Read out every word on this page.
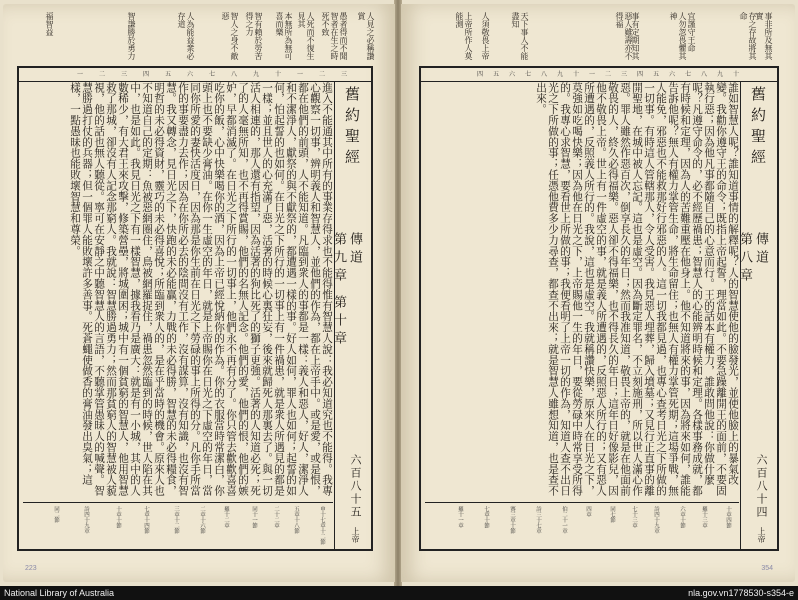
人見之必稱讚賞
愚者得而不聞
智者在生之時死不致
人死而不復生見其
本無所為無可喜而樂
智有賴於勞苦得之力
智人之身不敵惡
人為能益衆必存道
智謙勝於勇力
福智益
三
二
一
十
九
八
七
六
五
四
三
二
一

進入不能通其中所有的事業存得求也不能得惟有智慧人說：我必知道究也不能得。我專心觀察一切事，辨明義人和智慧人，並他們的作為，都在上帝手中。或是愛，或是恨，都在他們的前頭，人不能知道。凡臨到衆人的事都是一樣：義人和惡人，好人，潔淨人和不潔淨人，獻祭的與不獻祭的，都遭遇一樣的事。好人如何，罪人也如何；起誓的如何，怕起誓的也如何。在日光之下所行的一切事上有一件禍患，就是衆人所遇見的都是一樣；並且世人的心充滿了惡，活著的時候心裏狂妄，後來就歸死人那裏去了。與一切活人相連的，那人還有指望，因為活著的狗比死了的獅子更強。活著的人知道必死；死了的人毫無所知，也不再得賞賜，他們的名無人記念。他們的愛，他們的恨，他們的嫉妒，早都消滅了。在日光之下所行的一切事上，他們永不再有分了。你只管去歡歡喜喜吃你的飯，心中快樂喝你的酒，因為上帝已經悅納你的作為。你的衣服當時常潔白，你頭上也不要缺少膏油。在你一生虛空的年日，就是上帝賜你在日光之下虛空的年日，當同你所愛的妻快活度日，因為那是你生前在日光之下勞碌的事上所得的分。凡你手所當作的事要盡力去作；因為在你所必去的陰間沒有工作，沒有謀算，沒有知識，也沒有智慧。我又轉念，見日光之下，快跑的未必能贏，力戰的未必得勝，智慧的未必得糧食，明哲的未必得資財，靈巧的未必得喜悅；所臨到衆人的，是在乎當時的機會。原來人也不知道自己的定期：魚被惡網圈住，鳥被網羅捉住，禍患忽然臨到的時候，世人陷在其中，也是如此。我見日光之下有一樣智慧，據我看乃是廣大：就是有一小城，其中的人數稀少，有大君王來攻擊，修築營壘，將城圍困；城中有一個貧窮的智慧人，他用智慧救了那城，卻沒有人記念那窮人。我就說：智慧勝過勇力；然而那貧窮人的智慧被人藐視，他的話也無人聽從。寧可在安靜之中聽智慧人的言語，不聽掌管愚昧人的喊聲。智慧勝過打仗的兵器；但一個罪人能敗壞許多善事。死蒼蠅使做香的膏油發出臭氣；這樣，一點愚昧也能敗壞智慧和尊榮。	舊約聖經
傳道
第九章 第十章
六百八十五
上帝
申十七章十二節
五章十八節
二十二章
同十一節
羅十二章
二章十六節
三章十二節
七章十四節
十章十節
詩四十九章
同二節
223
事非所及無其實
存之存故將其命
宜謹守王命
人勿忽畏懼其神
事有定期知其
惡人雖壽亦不得福
天下事人不能盡知
人須敬畏上帝
上帝所作人莫能測
十
九
八
七
六
五
四
三
二
一
十
九
八
七
六
五
四

誰如智慧人呢？誰知道事情的解釋呢？人的智慧使他的臉發光，並使他臉上的暴氣改變。我勸你遵守王的命令；既指上帝起誓，理當如此。不要急躁離開王的面前，不要固執行惡；因為他凡事都隨自己的心意而行。王的話本有權力，誰敢問他說：你做什麼呢？凡遵守命令的，必不經歷禍患；智慧人的心能辨明時候和定理。各樣事務成就，都有時候和定理，因為人的苦難重壓在他身上。他不知道將來的事，因為將來如何，誰能告訴他呢？無人有權力掌管生命，將生命留住；也無人有權力掌管死期；這場爭戰，無人能免，邪惡也不能救那好行邪惡的人。這一切我都見過，也專心查考日光之下所做的一切事。有時這人管轄那人，令人受害。我見惡人埋葬，歸入墳墓；又見行正直事的離開聖地，在城中被人忘記。這也是虛空。因為斷定罪名，不立刻施刑，所以世人滿心作惡。罪人雖然作惡百次，倒享長久的年日；然而我准知道，敬畏上帝的，就是在他面前敬畏的人，終久必得福樂。惡人卻不得福樂，也不得長久的年日；這年日好像影兒，因他不敬畏上帝。世上有一件虛空的事，就是義人所遭遇的，反照惡人所行的；又有惡人所遭遇的，反照義人所行的。我說，這也是虛空。我就稱讚快樂，原來人在日光之下，莫強如吃喝快樂；因為他在日光之下，上帝賜他一生的年日，要從勞碌中時常享受所得的。我專心求智慧，要看世上所做的事；我便看明了上帝一切的作為，知道人查不出日光之下所做的事；任憑他費多少力尋查，都查不出來；就是智慧人雖想知道，也是查不出來。	舊約聖經
傳道
第八章
六百八十四
上帝
十章四節
羅十三章
六章十節
詩四十九章
七十三章
同七節
四章
伯二十一章
詩三十七章
賽三章十節
七章十節
羅十一章
354
National Library of Australia	nla.gov.vn1778530-s354-e
